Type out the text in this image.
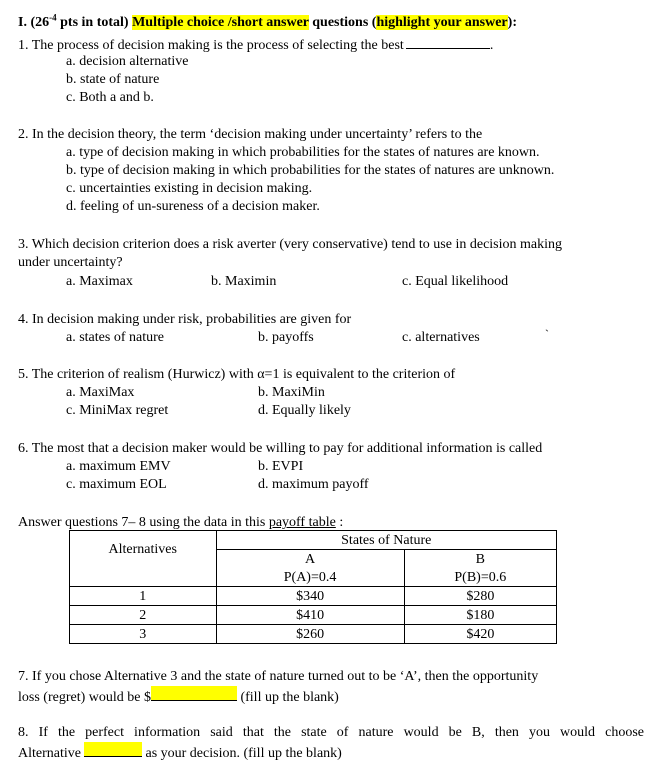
I. ($26^{-4}$ pts in total) Multiple choice /short answer questions (highlight your answer):
1. The process of decision making is the process of selecting the best	.
a. decision alternative
b. state of nature
c. Both a and b.
2. In the decision theory, the term ‘decision making under uncertainty’ refers to the
a. type of decision making in which probabilities for the states of natures are known.
b. type of decision making in which probabilities for the states of natures are unknown.
c. uncertainties existing in decision making.
d. feeling of un-sureness of a decision maker.
3. Which decision criterion does a risk averter (very conservative) tend to use in decision making
under uncertainty?
a. Maximax	b. Maximin	c. Equal likelihood
4. In decision making under risk, probabilities are given for
a. states of nature	b. payoffs	c. alternatives	`
5. The criterion of realism (Hurwicz) with α=1 is equivalent to the criterion of
a. MaxiMax	b. MaxiMin
c. MiniMax regret	d. Equally likely
6. The most that a decision maker would be willing to pay for additional information is called
a. maximum EMV	b. EVPI
c. maximum EOL	d. maximum payoff
Answer questions 7– 8 using the data in this payoff table :
Alternatives	States of Nature	
	A	B
	P(A)=0.4	P(B)=0.6
1	$340	$280
2	$410	$180
3	$260	$420
7. If you chose Alternative 3 and the state of nature turned out to be ‘A’, then the opportunity
loss (regret) would be $	(fill up the blank)
8. If the perfect information said that the state of nature would be B, then you would choose
Alternative	as your decision. (fill up the blank)
